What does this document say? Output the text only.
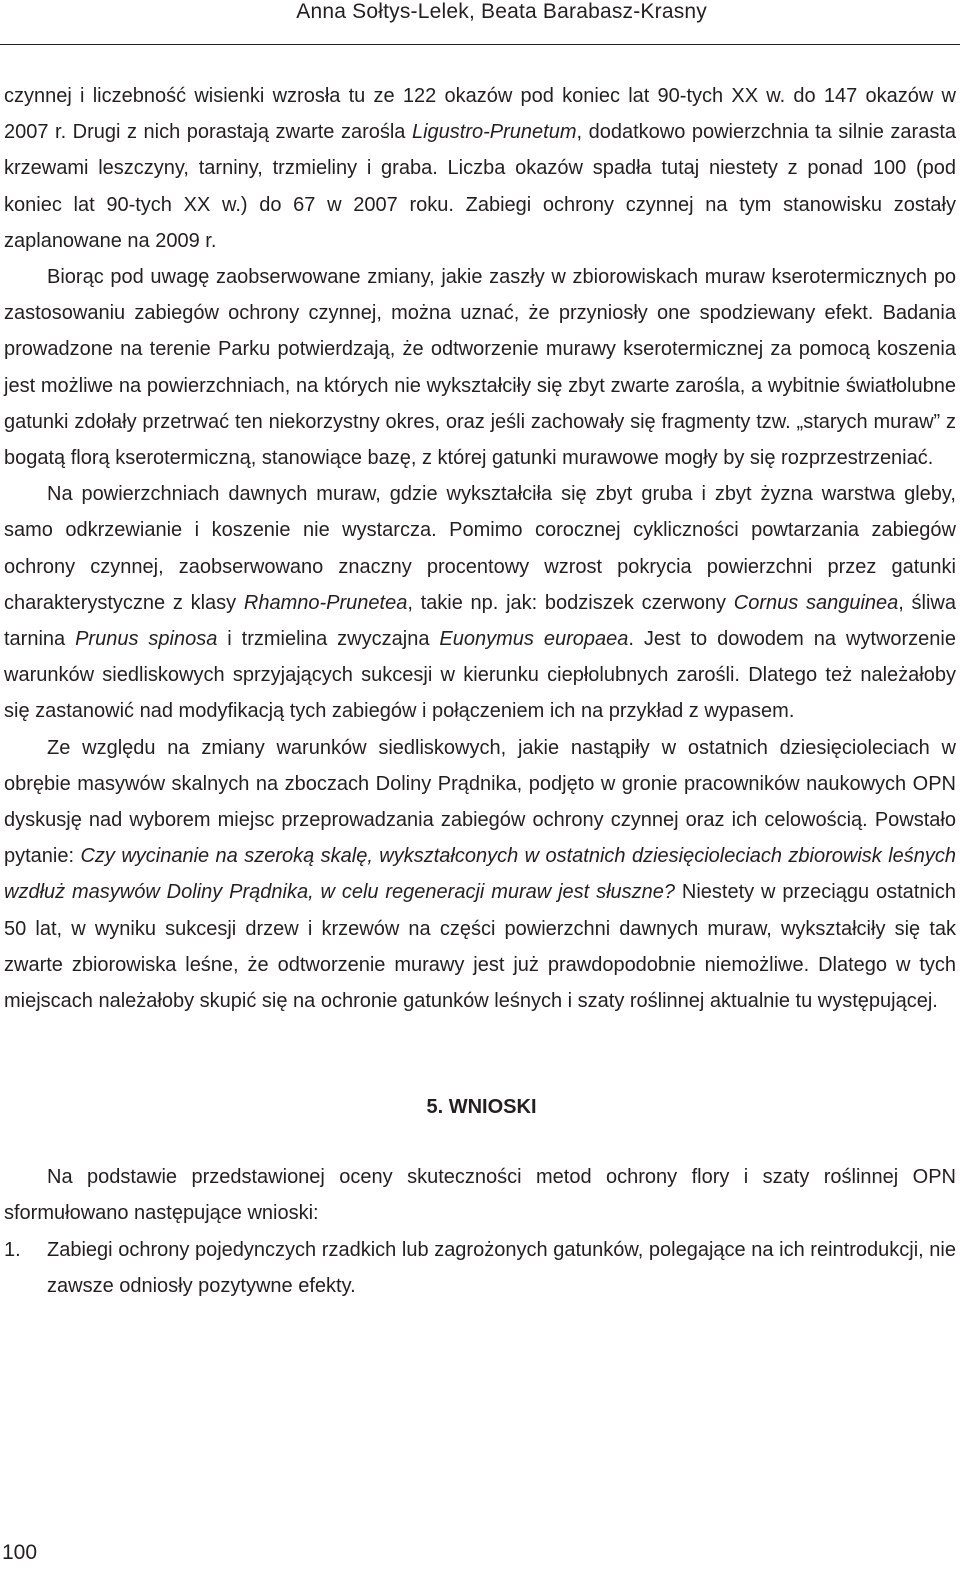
Anna Sołtys-Lelek, Beata Barabasz-Krasny

czynnej i liczebność wisienki wzrosła tu ze 122 okazów pod koniec lat 90-tych XX w. do 147 okazów w 2007 r. Drugi z nich porastają zwarte zarośla Ligustro-Prunetum, dodatkowo powierzchnia ta silnie zarasta krzewami leszczyny, tarniny, trzmieliny i graba. Liczba okazów spadła tutaj niestety z ponad 100 (pod koniec lat 90-tych XX w.) do 67 w 2007 roku. Zabiegi ochrony czynnej na tym stanowisku zostały zaplanowane na 2009 r.

Biorąc pod uwagę zaobserwowane zmiany, jakie zaszły w zbiorowiskach muraw kserotermicznych po zastosowaniu zabiegów ochrony czynnej, można uznać, że przyniosły one spodziewany efekt. Badania prowadzone na terenie Parku potwierdzają, że odtworzenie murawy kserotermicznej za pomocą koszenia jest możliwe na powierzchniach, na których nie wykształciły się zbyt zwarte zarośla, a wybitnie światłolubne gatunki zdołały przetrwać ten niekorzystny okres, oraz jeśli zachowały się fragmenty tzw. „starych muraw” z bogatą florą kserotermiczną, stanowiące bazę, z której gatunki murawowe mogły by się rozprzestrzeniać.

Na powierzchniach dawnych muraw, gdzie wykształciła się zbyt gruba i zbyt żyzna warstwa gleby, samo odkrzewianie i koszenie nie wystarcza. Pomimo corocznej cykliczności powtarzania zabiegów ochrony czynnej, zaobserwowano znaczny procentowy wzrost pokrycia powierzchni przez gatunki charakterystyczne z klasy Rhamno-Prunetea, takie np. jak: bodziszek czerwony Cornus sanguinea, śliwa tarnina Prunus spinosa i trzmielina zwyczajna Euonymus europaea. Jest to dowodem na wytworzenie warunków siedliskowych sprzyjających sukcesji w kierunku ciepłolubnych zarośli. Dlatego też należałoby się zastanowić nad modyfikacją tych zabiegów i połączeniem ich na przykład z wypasem.

Ze względu na zmiany warunków siedliskowych, jakie nastąpiły w ostatnich dziesięcioleciach w obrębie masywów skalnych na zboczach Doliny Prądnika, podjęto w gronie pracowników naukowych OPN dyskusję nad wyborem miejsc przeprowadzania zabiegów ochrony czynnej oraz ich celowością. Powstało pytanie: Czy wycinanie na szeroką skalę, wykształconych w ostatnich dziesięcioleciach zbiorowisk leśnych wzdłuż masywów Doliny Prądnika, w celu regeneracji muraw jest słuszne? Niestety w przeciągu ostatnich 50 lat, w wyniku sukcesji drzew i krzewów na części powierzchni dawnych muraw, wykształciły się tak zwarte zbiorowiska leśne, że odtworzenie murawy jest już prawdopodobnie niemożliwe. Dlatego w tych miejscach należałoby skupić się na ochronie gatunków leśnych i szaty roślinnej aktualnie tu występującej.

5. WNIOSKI

Na podstawie przedstawionej oceny skuteczności metod ochrony flory i szaty roślinnej OPN sformułowano następujące wnioski:

1.	Zabiegi ochrony pojedynczych rzadkich lub zagrożonych gatunków, polegające na ich reintrodukcji, nie zawsze odniosły pozytywne efekty.
100
